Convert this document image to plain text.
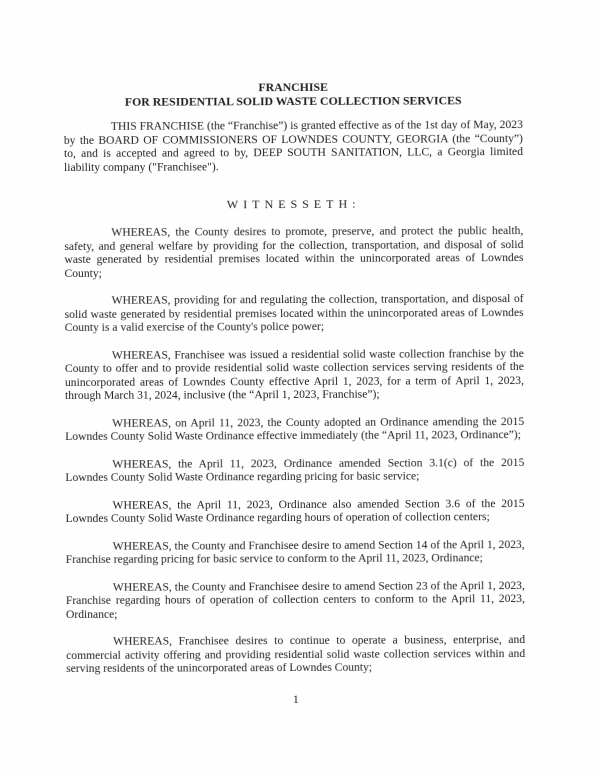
FRANCHISE
FOR RESIDENTIAL SOLID WASTE COLLECTION SERVICES

THIS FRANCHISE (the “Franchise”) is granted effective as of the 1st day of May, 2023 by the BOARD OF COMMISSIONERS OF LOWNDES COUNTY, GEORGIA (the “County”) to, and is accepted and agreed to by, DEEP SOUTH SANITATION, LLC, a Georgia limited liability company ("Franchisee").

WITNESSETH:

WHEREAS, the County desires to promote, preserve, and protect the public health, safety, and general welfare by providing for the collection, transportation, and disposal of solid waste generated by residential premises located within the unincorporated areas of Lowndes County;

WHEREAS, providing for and regulating the collection, transportation, and disposal of solid waste generated by residential premises located within the unincorporated areas of Lowndes County is a valid exercise of the County's police power;

WHEREAS, Franchisee was issued a residential solid waste collection franchise by the County to offer and to provide residential solid waste collection services serving residents of the unincorporated areas of Lowndes County effective April 1, 2023, for a term of April 1, 2023, through March 31, 2024, inclusive (the “April 1, 2023, Franchise”);

WHEREAS, on April 11, 2023, the County adopted an Ordinance amending the 2015 Lowndes County Solid Waste Ordinance effective immediately (the “April 11, 2023, Ordinance”);

WHEREAS, the April 11, 2023, Ordinance amended Section 3.1(c) of the 2015 Lowndes County Solid Waste Ordinance regarding pricing for basic service;

WHEREAS, the April 11, 2023, Ordinance also amended Section 3.6 of the 2015 Lowndes County Solid Waste Ordinance regarding hours of operation of collection centers;

WHEREAS, the County and Franchisee desire to amend Section 14 of the April 1, 2023, Franchise regarding pricing for basic service to conform to the April 11, 2023, Ordinance;

WHEREAS, the County and Franchisee desire to amend Section 23 of the April 1, 2023, Franchise regarding hours of operation of collection centers to conform to the April 11, 2023, Ordinance;

WHEREAS, Franchisee desires to continue to operate a business, enterprise, and commercial activity offering and providing residential solid waste collection services within and serving residents of the unincorporated areas of Lowndes County;

1
